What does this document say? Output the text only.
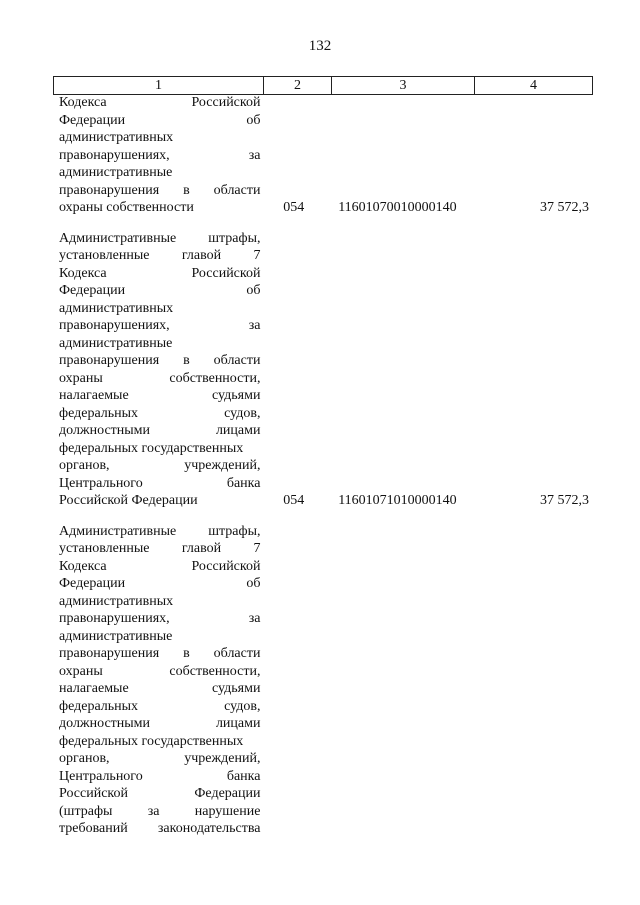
132
1	2	3	4
Кодекса	Российской
Федерации	об
административных
правонарушениях,	за
административные
правонарушения в области
охраны собственности	054	11601070010000140	37 572,3
Административные штрафы,
установленные главой 7
Кодекса	Российской
Федерации	об
административных
правонарушениях,	за
административные
правонарушения в области
охраны	собственности,
налагаемые	судьями
федеральных	судов,
должностными	лицами
федеральных государственных
органов,	учреждений,
Центрального	банка
Российской Федерации	054	11601071010000140	37 572,3
Административные штрафы,
установленные главой 7
Кодекса	Российской
Федерации	об
административных
правонарушениях,	за
административные
правонарушения в области
охраны	собственности,
налагаемые	судьями
федеральных	судов,
должностными	лицами
федеральных государственных
органов,	учреждений,
Центрального	банка
Российской	Федерации
(штрафы	за	нарушение
требований законодательства
